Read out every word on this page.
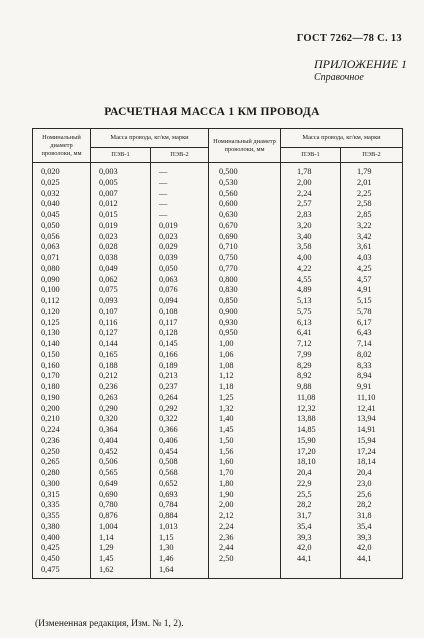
ГОСТ 7262—78 С. 13
ПРИЛОЖЕНИЕ 1
Справочное
РАСЧЕТНАЯ МАССА 1 КМ ПРОВОДА
Номинальный диаметр проволоки, мм	Масса провода, кг/км, марки		Номинальный диаметр проволоки, мм	Масса провода, кг/км, марки	
	ПЭВ-1	ПЭВ-2		ПЭВ-1	ПЭВ-2
0,020	0,003	—	0,500	1,78	1,79
0,025	0,005	—	0,530	2,00	2,01
0,032	0,007	—	0,560	2,24	2,25
0,040	0,012	—	0,600	2,57	2,58
0,045	0,015	—	0,630	2,83	2,85
0,050	0,019	0,019	0,670	3,20	3,22
0,056	0,023	0,023	0,690	3,40	3,42
0,063	0,028	0,029	0,710	3,58	3,61
0,071	0,038	0,039	0,750	4,00	4,03
0,080	0,049	0,050	0,770	4,22	4,25
0,090	0,062	0,063	0,800	4,55	4,57
0,100	0,075	0,076	0,830	4,89	4,91
0,112	0,093	0,094	0,850	5,13	5,15
0,120	0,107	0,108	0,900	5,75	5,78
0,125	0,116	0,117	0,930	6,13	6,17
0,130	0,127	0,128	0,950	6,41	6,43
0,140	0,144	0,145	1,00	7,12	7,14
0,150	0,165	0,166	1,06	7,99	8,02
0,160	0,188	0,189	1,08	8,29	8,33
0,170	0,212	0,213	1,12	8,92	8,94
0,180	0,236	0,237	1,18	9,88	9,91
0,190	0,263	0,264	1,25	11,08	11,10
0,200	0,290	0,292	1,32	12,32	12,41
0,210	0,320	0,322	1,40	13,88	13,94
0,224	0,364	0,366	1,45	14,85	14,91
0,236	0,404	0,406	1,50	15,90	15,94
0,250	0,452	0,454	1,56	17,20	17,24
0,265	0,506	0,508	1,60	18,10	18,14
0,280	0,565	0,568	1,70	20,4	20,4
0,300	0,649	0,652	1,80	22,9	23,0
0,315	0,690	0,693	1,90	25,5	25,6
0,335	0,780	0,784	2,00	28,2	28,2
0,355	0,876	0,884	2,12	31,7	31,8
0,380	1,004	1,013	2,24	35,4	35,4
0,400	1,14	1,15	2,36	39,3	39,3
0,425	1,29	1,30	2,44	42,0	42,0
0,450	1,45	1,46	2,50	44,1	44,1
0,475	1,62	1,64			
(Измененная редакция, Изм. № 1, 2).
